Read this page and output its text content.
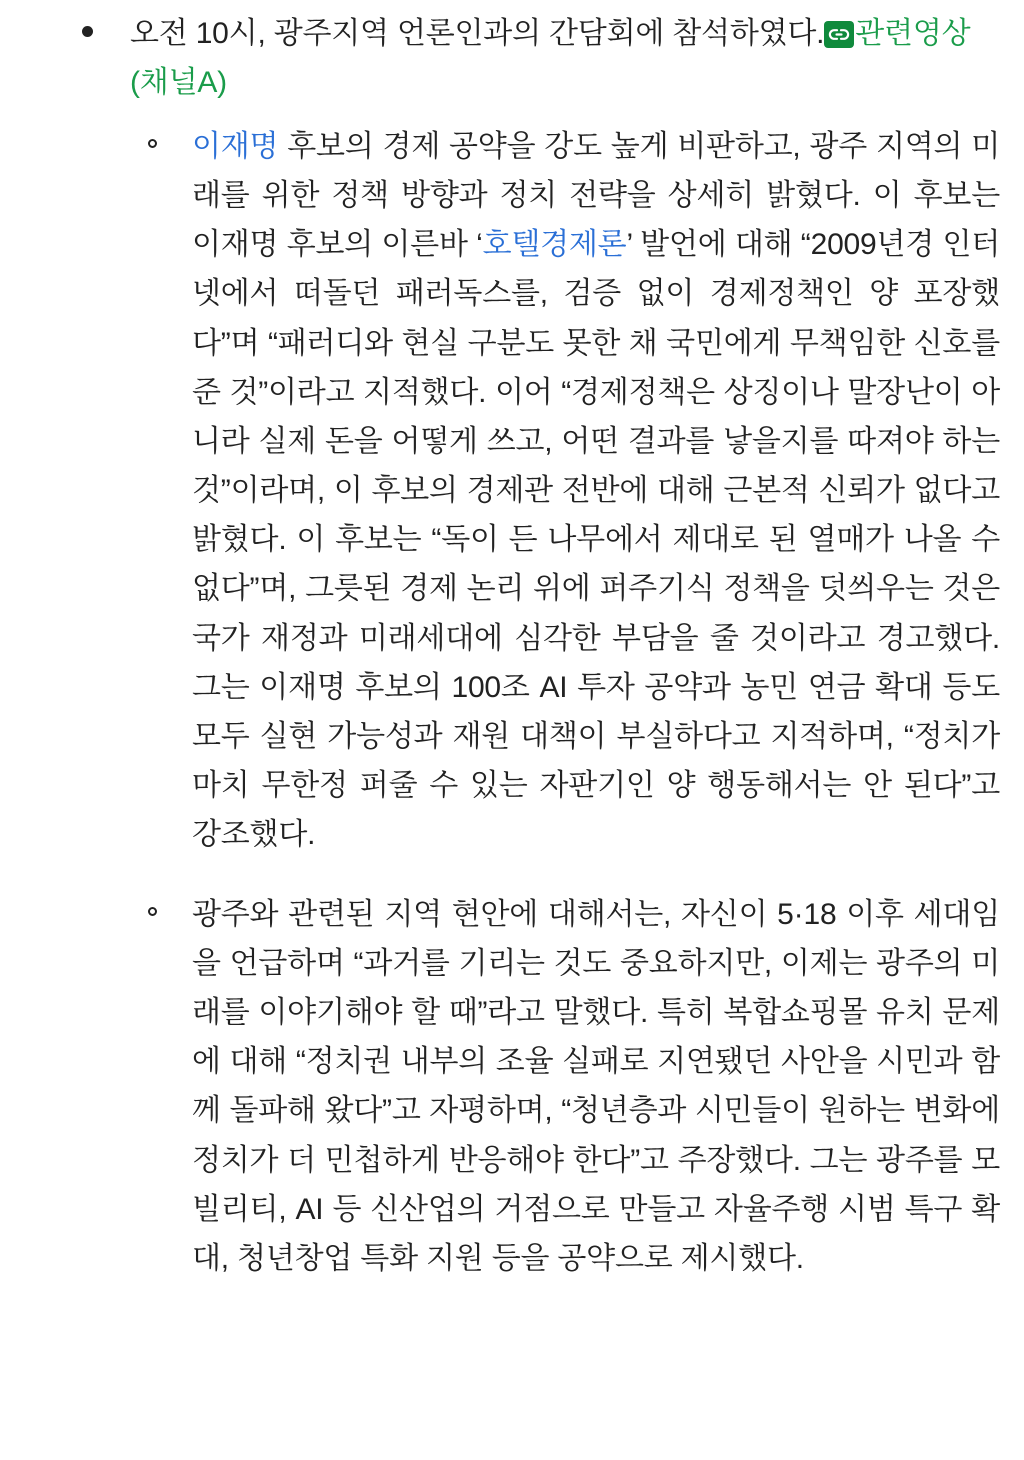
오전 10시, 광주지역 언론인과의 간담회에 참석하였다. 관련영상(채널A)
이재명 후보의 경제 공약을 강도 높게 비판하고, 광주 지역의 미래를 위한 정책 방향과 정치 전략을 상세히 밝혔다. 이 후보는 이재명 후보의 이른바 ‘호텔경제론’ 발언에 대해 “2009년경 인터넷에서 떠돌던 패러독스를, 검증 없이 경제정책인 양 포장했다”며 “패러디와 현실 구분도 못한 채 국민에게 무책임한 신호를 준 것”이라고 지적했다. 이어 “경제정책은 상징이나 말장난이 아니라 실제 돈을 어떻게 쓰고, 어떤 결과를 낳을지를 따져야 하는 것”이라며, 이 후보의 경제관 전반에 대해 근본적 신뢰가 없다고 밝혔다. 이 후보는 “독이 든 나무에서 제대로 된 열매가 나올 수 없다”며, 그릇된 경제 논리 위에 퍼주기식 정책을 덧씌우는 것은 국가 재정과 미래세대에 심각한 부담을 줄 것이라고 경고했다. 그는 이재명 후보의 100조 AI 투자 공약과 농민 연금 확대 등도 모두 실현 가능성과 재원 대책이 부실하다고 지적하며, “정치가 마치 무한정 퍼줄 수 있는 자판기인 양 행동해서는 안 된다”고 강조했다.
광주와 관련된 지역 현안에 대해서는, 자신이 5·18 이후 세대임을 언급하며 “과거를 기리는 것도 중요하지만, 이제는 광주의 미래를 이야기해야 할 때”라고 말했다. 특히 복합쇼핑몰 유치 문제에 대해 “정치권 내부의 조율 실패로 지연됐던 사안을 시민과 함께 돌파해 왔다”고 자평하며, “청년층과 시민들이 원하는 변화에 정치가 더 민첩하게 반응해야 한다”고 주장했다. 그는 광주를 모빌리티, AI 등 신산업의 거점으로 만들고 자율주행 시범 특구 확대, 청년창업 특화 지원 등을 공약으로 제시했다.
